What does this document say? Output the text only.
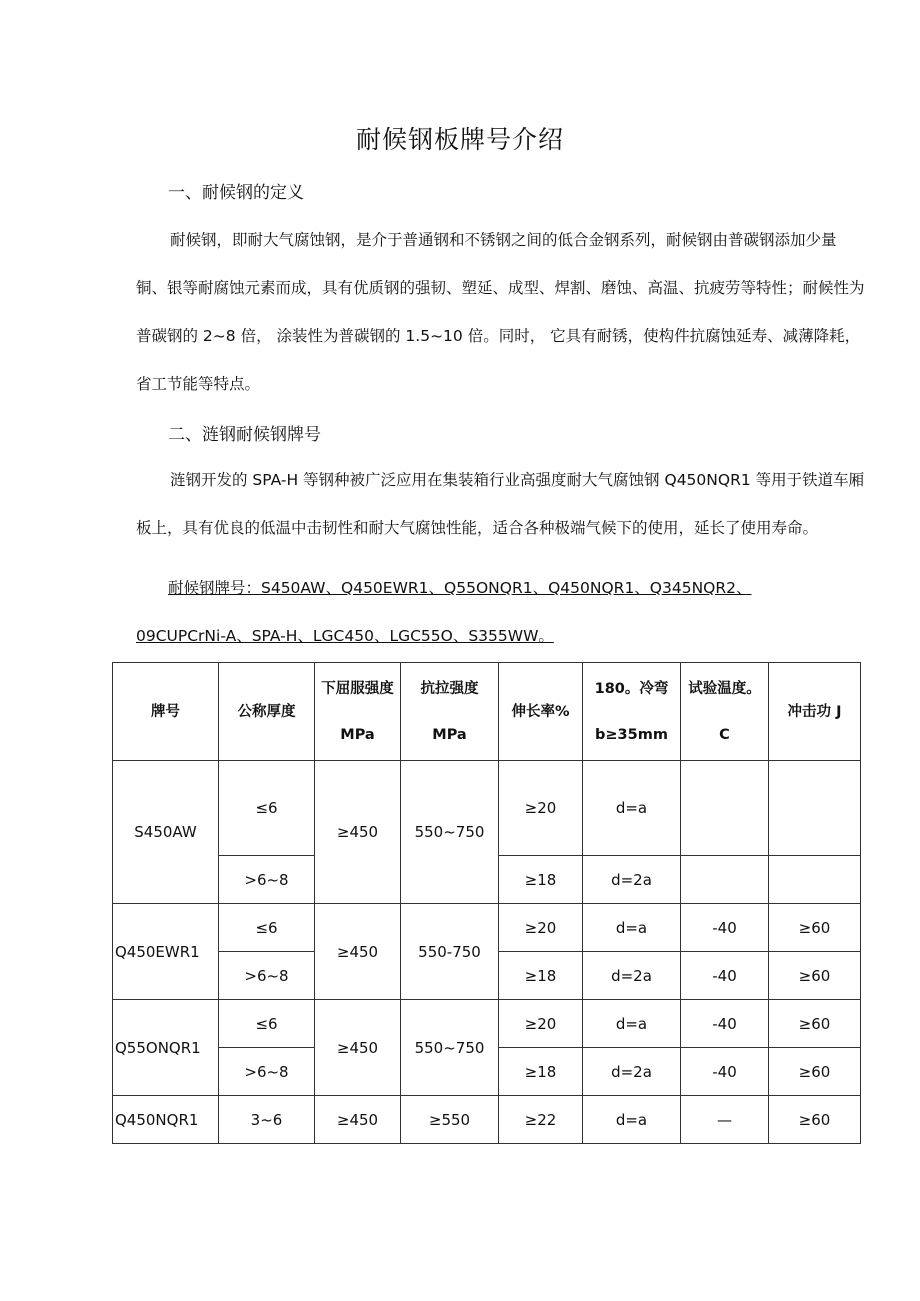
耐候钢板牌号介绍
一、耐候钢的定义

耐候钢，即耐大气腐蚀钢，是介于普通钢和不锈钢之间的低合金钢系列，耐候钢由普碳钢添加少量铜、银等耐腐蚀元素而成，具有优质钢的强韧、塑延、成型、焊割、磨蚀、高温、抗疲劳等特性；耐候性为普碳钢的 2~8 倍， 涂装性为普碳钢的 1.5~10 倍。同时， 它具有耐锈，使构件抗腐蚀延寿、减薄降耗，省工节能等特点。

二、涟钢耐候钢牌号

涟钢开发的 SPA-H 等钢种被广泛应用在集装箱行业高强度耐大气腐蚀钢 Q450NQR1 等用于铁道车厢板上，具有优良的低温中击韧性和耐大气腐蚀性能，适合各种极端气候下的使用，延长了使用寿命。

耐候钢牌号：S450AW、Q450EWR1、Q55ONQR1、Q450NQR1、Q345NQR2、09CUPCrNi-A、SPA-H、LGC450、LGC55O、S355WW。

牌号	公称厚度	下屈服强度 MPa	抗拉强度 MPa	伸长率%	180。冷弯 b≥35mm	试验温度。C	冲击功 J
S450AW	≤6	≥450	550~750	≥20	d=a		
	>6~8			≥18	d=2a		
Q450EWR1	≤6	≥450	550-750	≥20	d=a	-40	≥60
	>6~8			≥18	d=2a	-40	≥60
Q55ONQR1	≤6	≥450	550~750	≥20	d=a	-40	≥60
	>6~8			≥18	d=2a	-40	≥60
Q450NQR1	3~6	≥450	≥550	≥22	d=a	—	≥60
